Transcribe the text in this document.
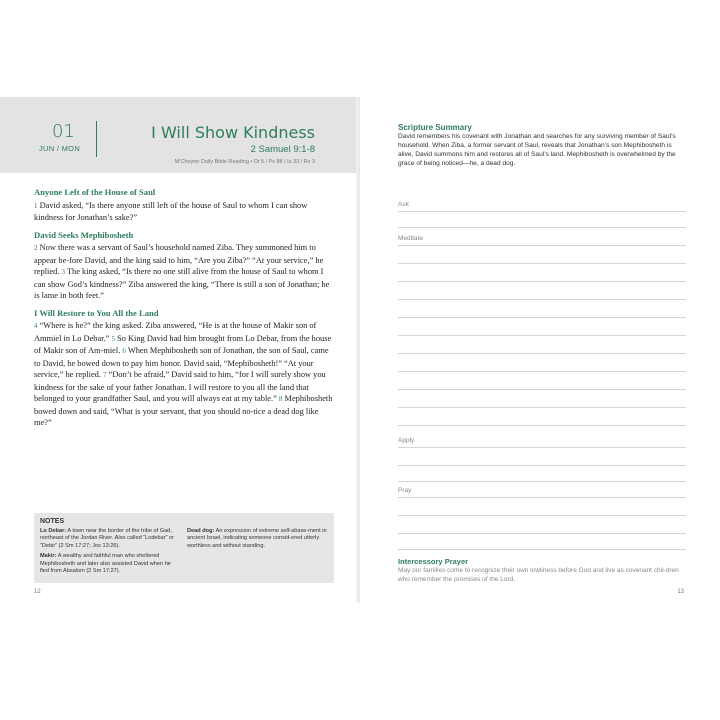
01
JUN / MON
I Will Show Kindness
2 Samuel 9:1-8
M'Cheyne Daily Bible Reading • Dt 5 / Ps 88 / Is 33 / Rv 3
Anyone Left of the House of Saul

1 David asked, “Is there anyone still left of the house of Saul to whom I can show kindness for Jonathan’s sake?”

David Seeks Mephibosheth

2 Now there was a servant of Saul’s household named Ziba. They summoned him to appear be-fore David, and the king said to him, “Are you Ziba?” “At your service,” he replied. 3 The king asked, “Is there no one still alive from the house of Saul to whom I can show God’s kindness?” Ziba answered the king, “There is still a son of Jonathan; he is lame in both feet.”

I Will Restore to You All the Land

4 “Where is he?” the king asked. Ziba answered, “He is at the house of Makir son of Ammiel in Lo Debar.” 5 So King David had him brought from Lo Debar, from the house of Makir son of Am-miel. 6 When Mephibosheth son of Jonathan, the son of Saul, came to David, he bowed down to pay him honor. David said, “Mephibosheth!” “At your service,” he replied. 7 “Don’t be afraid,” David said to him, “for I will surely show you kindness for the sake of your father Jonathan. I will restore to you all the land that belonged to your grandfather Saul, and you will always eat at my table.” 8 Mephibosheth bowed down and said, “What is your servant, that you should no-tice a dead dog like me?”

NOTES
Lo Debar: A town near the border of the tribe of Gad, northeast of the Jordan River. Also called “Lodebar” or “Debir” (2 Sm 17:27; Jos 13:26).
Makir: A wealthy and faithful man who sheltered Mephibosheth and later also assisted David when he fled from Absalom (2 Sm 17:27).
Dead dog: An expression of extreme self-abase-ment in ancient Israel, indicating someone consid-ered utterly worthless and without standing.
12
Scripture Summary
David remembers his covenant with Jonathan and searches for any surviving member of Saul’s household. When Ziba, a former servant of Saul, reveals that Jonathan’s son Mephibosheth is alive, David summons him and restores all of Saul’s land. Mephibosheth is overwhelmed by the grace of being noticed—he, a dead dog.
Ask
Meditate
Apply
Pray
Intercessory Prayer
May our families come to recognize their own lowliness before God and live as covenant chil-dren who remember the promises of the Lord.
13
